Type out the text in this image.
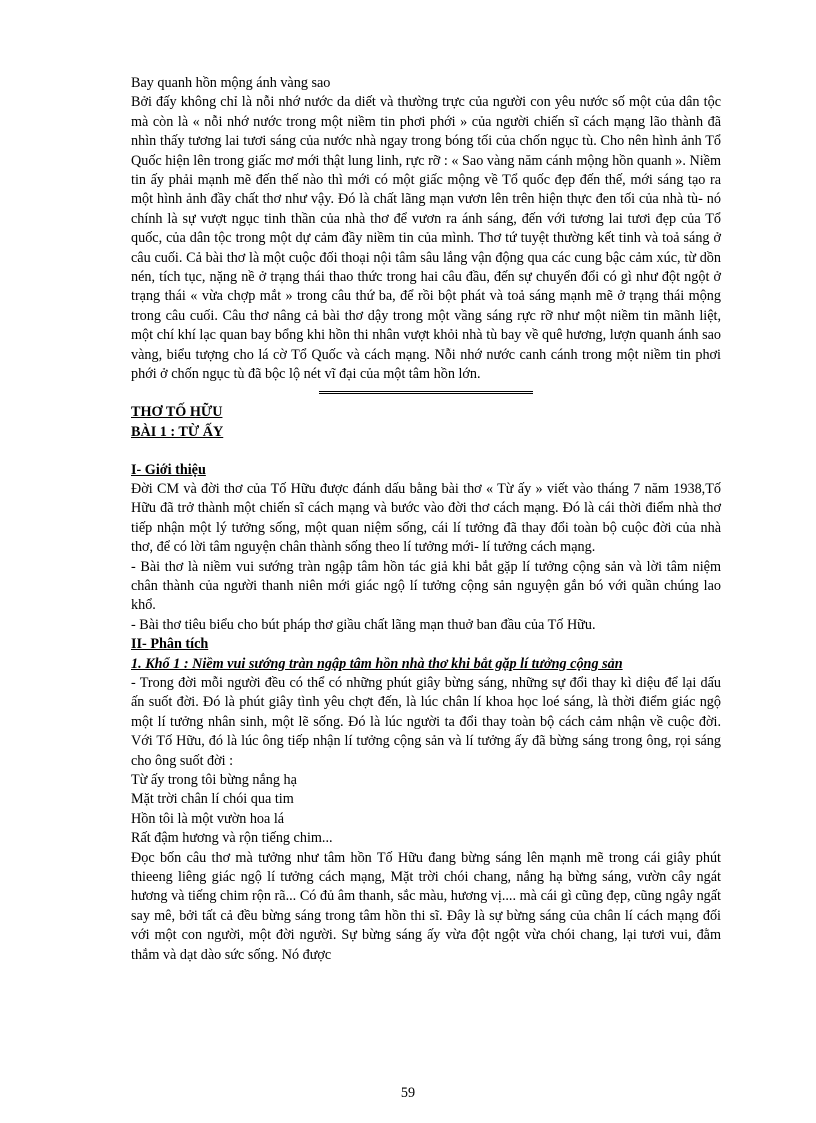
Bay quanh hồn mộng ánh vàng sao

Bởi đấy không chỉ là nỗi nhớ nước da diết và thường trực của người con yêu nước số một của dân tộc mà còn là « nỗi nhớ nước trong một niềm tin phơi phới » của người chiến sĩ cách mạng lão thành đã nhìn thấy tương lai tươi sáng của nước nhà ngay trong bóng tối của chốn ngục tù. Cho nên hình ảnh Tổ Quốc hiện lên trong giấc mơ mới thật lung linh, rực rỡ : « Sao vàng năm cánh mộng hồn quanh ». Niềm tin ấy phải mạnh mẽ đến thế nào thì mới có một giấc mộng về Tổ quốc đẹp đến thế, mới sáng tạo ra một hình ảnh đầy chất thơ như vậy. Đó là chất lãng mạn vươn lên trên hiện thực đen tối của nhà tù- nó chính là sự vượt ngục tinh thần của nhà thơ để vươn ra ánh sáng, đến với tương lai tươi đẹp của Tổ quốc, của dân tộc trong một dự cảm đầy niềm tin của mình. Thơ tứ tuyệt thường kết tinh và toả sáng ở câu cuối. Cả bài thơ là một cuộc đối thoại nội tâm sâu lắng vận động qua các cung bậc cảm xúc, từ dồn nén, tích tục, nặng nề ở trạng thái thao thức trong hai câu đầu, đến sự chuyển đổi có gì như đột ngột ở trạng thái « vừa chợp mắt » trong câu thứ ba, để rồi bột phát và toả sáng mạnh mẽ ở trạng thái mộng trong câu cuối. Câu thơ nâng cả bài thơ dậy trong một vầng sáng rực rỡ như một niềm tin mãnh liệt, một chí khí lạc quan bay bổng khi hồn thi nhân vượt khỏi nhà tù bay về quê hương, lượn quanh ánh sao vàng, biểu tượng cho lá cờ Tổ Quốc và cách mạng. Nỗi nhớ nước canh cánh trong một niềm tin phơi phới ở chốn ngục tù đã bộc lộ nét vĩ đại của một tâm hồn lớn.

THƠ TỐ HỮU

BÀI 1 : TỪ ẤY

I- Giới thiệu

Đời CM và đời thơ của Tố Hữu được đánh dấu bằng bài thơ « Từ ấy » viết vào tháng 7 năm 1938,Tố Hữu đã trở thành một chiến sĩ cách mạng và bước vào đời thơ cách mạng. Đó là cái thời điểm nhà thơ tiếp nhận một lý tưởng sống, một quan niệm sống, cái lí tưởng đã thay đổi toàn bộ cuộc đời của nhà thơ, để có lời tâm nguyện chân thành sống theo lí tưởng mới- lí tưởng cách mạng.

- Bài thơ là niềm vui sướng tràn ngập tâm hồn tác giả khi bắt gặp lí tưởng cộng sản và lời tâm niệm chân thành của người thanh niên mới giác ngộ lí tưởng cộng sản nguyện gắn bó với quần chúng lao khổ.

- Bài thơ tiêu biểu cho bút pháp thơ giầu chất lãng mạn thuở ban đầu của Tố Hữu.

II- Phân tích

1. Khổ 1 : Niềm vui sướng tràn ngập tâm hồn nhà thơ khi bắt gặp lí tưởng cộng sản

- Trong đời mỗi người đều có thể có những phút giây bừng sáng, những sự đổi thay kì diệu để lại dấu ấn suốt đời. Đó là phút giây tình yêu chợt đến, là lúc chân lí khoa học loé sáng, là thời điểm giác ngộ một lí tưởng nhân sinh, một lẽ sống. Đó là lúc người ta đổi thay toàn bộ cách cảm nhận về cuộc đời. Với Tố Hữu, đó là lúc ông tiếp nhận lí tưởng cộng sản và lí tưởng ấy đã bừng sáng trong ông, rọi sáng cho ông suốt đời :

Từ ấy trong tôi bừng nắng hạ

Mặt trời chân lí chói qua tim

Hồn tôi là một vườn hoa lá

Rất đậm hương và rộn tiếng chim...

Đọc bốn câu thơ mà tưởng như tâm hồn Tố Hữu đang bừng sáng lên mạnh mẽ trong cái giây phút thieeng liêng giác ngộ lí tưởng cách mạng, Mặt trời chói chang, nắng hạ bừng sáng, vườn cây ngát hương và tiếng chim rộn rã... Có đủ âm thanh, sắc màu, hương vị.... mà cái gì cũng đẹp, cũng ngây ngất say mê, bởi tất cả đều bừng sáng trong tâm hồn thi sĩ. Đây là sự bừng sáng của chân lí cách mạng đối với một con người, một đời người. Sự bừng sáng ấy vừa đột ngột vừa chói chang, lại tươi vui, đằm thắm và dạt dào sức sống. Nó được

59
